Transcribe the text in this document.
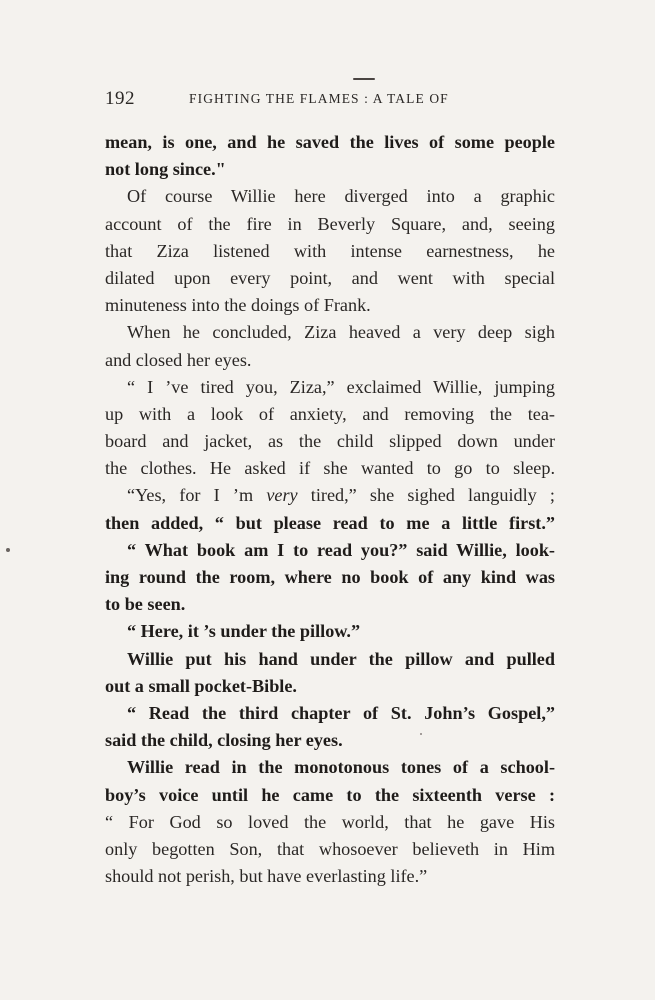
192	FIGHTING THE FLAMES : A TALE OF
mean, is one, and he saved the lives of some people
not long since."
Of course Willie here diverged into a graphic
account of the fire in Beverly Square, and, seeing
that Ziza listened with intense earnestness, he
dilated upon every point, and went with special
minuteness into the doings of Frank.
When he concluded, Ziza heaved a very deep sigh
and closed her eyes.
“ I ’ve tired you, Ziza,” exclaimed Willie, jumping
up with a look of anxiety, and removing the tea-
board and jacket, as the child slipped down under
the clothes. He asked if she wanted to go to sleep.
“Yes, for I ’m very tired,” she sighed languidly ;
then added, “ but please read to me a little first.”
“ What book am I to read you?” said Willie, look-
ing round the room, where no book of any kind was
to be seen.
“ Here, it ’s under the pillow.”
Willie put his hand under the pillow and pulled
out a small pocket-Bible.
“ Read the third chapter of St. John’s Gospel,”
said the child, closing her eyes.
Willie read in the monotonous tones of a school-
boy’s voice until he came to the sixteenth verse :
“ For God so loved the world, that he gave His
only begotten Son, that whosoever believeth in Him
should not perish, but have everlasting life.”
